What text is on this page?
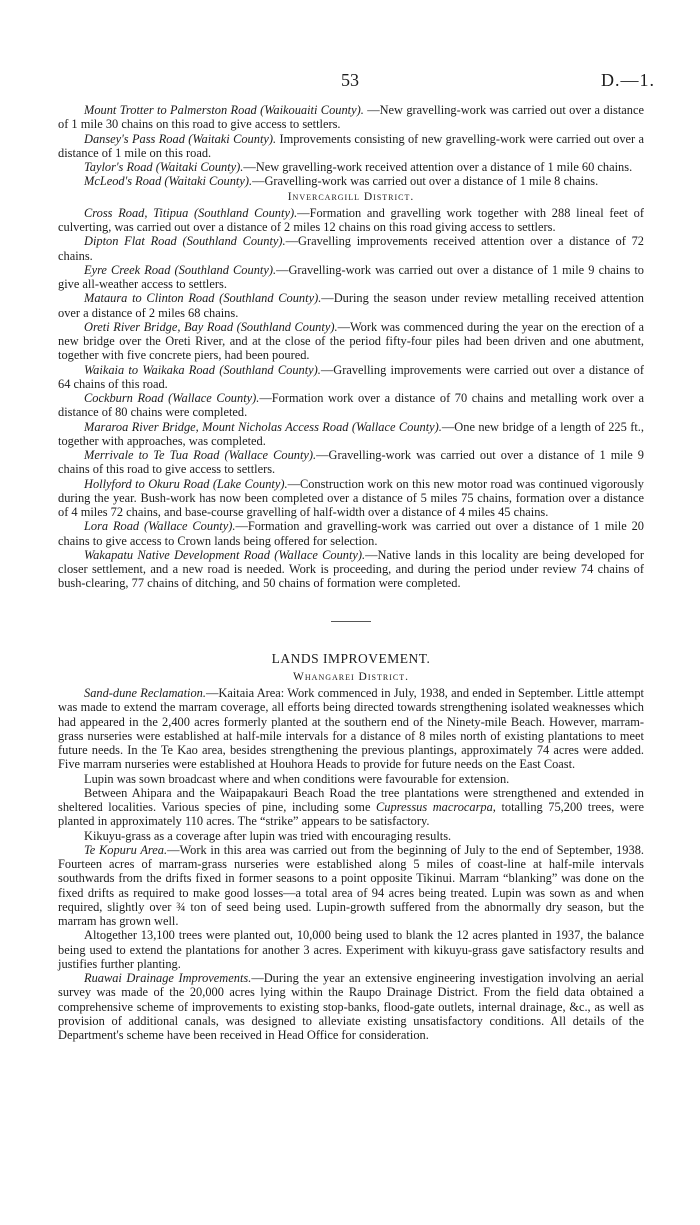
53	D.—1.

Mount Trotter to Palmerston Road (Waikouaiti County). —New gravelling-work was carried out over a distance of 1 mile 30 chains on this road to give access to settlers.

Dansey's Pass Road (Waitaki County). Improvements consisting of new gravelling-work were carried out over a distance of 1 mile on this road.

Taylor's Road (Waitaki County).—New gravelling-work received attention over a distance of 1 mile 60 chains.

McLeod's Road (Waitaki County).—Gravelling-work was carried out over a distance of 1 mile 8 chains.

Invercargill District.

Cross Road, Titipua (Southland County).—Formation and gravelling work together with 288 lineal feet of culverting, was carried out over a distance of 2 miles 12 chains on this road giving access to settlers.

Dipton Flat Road (Southland County).—Gravelling improvements received attention over a distance of 72 chains.

Eyre Creek Road (Southland County).—Gravelling-work was carried out over a distance of 1 mile 9 chains to give all-weather access to settlers.

Mataura to Clinton Road (Southland County).—During the season under review metalling received attention over a distance of 2 miles 68 chains.

Oreti River Bridge, Bay Road (Southland County).—Work was commenced during the year on the erection of a new bridge over the Oreti River, and at the close of the period fifty-four piles had been driven and one abutment, together with five concrete piers, had been poured.

Waikaia to Waikaka Road (Southland County).—Gravelling improvements were carried out over a distance of 64 chains of this road.

Cockburn Road (Wallace County).—Formation work over a distance of 70 chains and metalling work over a distance of 80 chains were completed.

Mararoa River Bridge, Mount Nicholas Access Road (Wallace County).—One new bridge of a length of 225 ft., together with approaches, was completed.

Merrivale to Te Tua Road (Wallace County).—Gravelling-work was carried out over a distance of 1 mile 9 chains of this road to give access to settlers.

Hollyford to Okuru Road (Lake County).—Construction work on this new motor road was continued vigorously during the year. Bush-work has now been completed over a distance of 5 miles 75 chains, formation over a distance of 4 miles 72 chains, and base-course gravelling of half-width over a distance of 4 miles 45 chains.

Lora Road (Wallace County).—Formation and gravelling-work was carried out over a distance of 1 mile 20 chains to give access to Crown lands being offered for selection.

Wakapatu Native Development Road (Wallace County).—Native lands in this locality are being developed for closer settlement, and a new road is needed. Work is proceeding, and during the period under review 74 chains of bush-clearing, 77 chains of ditching, and 50 chains of formation were completed.

LANDS IMPROVEMENT.

Whangarei District.

Sand-dune Reclamation.—Kaitaia Area: Work commenced in July, 1938, and ended in September. Little attempt was made to extend the marram coverage, all efforts being directed towards strengthening isolated weaknesses which had appeared in the 2,400 acres formerly planted at the southern end of the Ninety-mile Beach. However, marram-grass nurseries were established at half-mile intervals for a distance of 8 miles north of existing plantations to meet future needs. In the Te Kao area, besides strengthening the previous plantings, approximately 74 acres were added. Five marram nurseries were established at Houhora Heads to provide for future needs on the East Coast.

Lupin was sown broadcast where and when conditions were favourable for extension.

Between Ahipara and the Waipapakauri Beach Road the tree plantations were strengthened and extended in sheltered localities. Various species of pine, including some Cupressus macrocarpa, totalling 75,200 trees, were planted in approximately 110 acres. The “strike” appears to be satisfactory.

Kikuyu-grass as a coverage after lupin was tried with encouraging results.

Te Kopuru Area.—Work in this area was carried out from the beginning of July to the end of September, 1938. Fourteen acres of marram-grass nurseries were established along 5 miles of coast-line at half-mile intervals southwards from the drifts fixed in former seasons to a point opposite Tikinui. Marram “blanking” was done on the fixed drifts as required to make good losses—a total area of 94 acres being treated. Lupin was sown as and when required, slightly over ¾ ton of seed being used. Lupin-growth suffered from the abnormally dry season, but the marram has grown well.

Altogether 13,100 trees were planted out, 10,000 being used to blank the 12 acres planted in 1937, the balance being used to extend the plantations for another 3 acres. Experiment with kikuyu-grass gave satisfactory results and justifies further planting.

Ruawai Drainage Improvements.—During the year an extensive engineering investigation involving an aerial survey was made of the 20,000 acres lying within the Raupo Drainage District. From the field data obtained a comprehensive scheme of improvements to existing stop-banks, flood-gate outlets, internal drainage, &c., as well as provision of additional canals, was designed to alleviate existing unsatisfactory conditions. All details of the Department's scheme have been received in Head Office for consideration.
